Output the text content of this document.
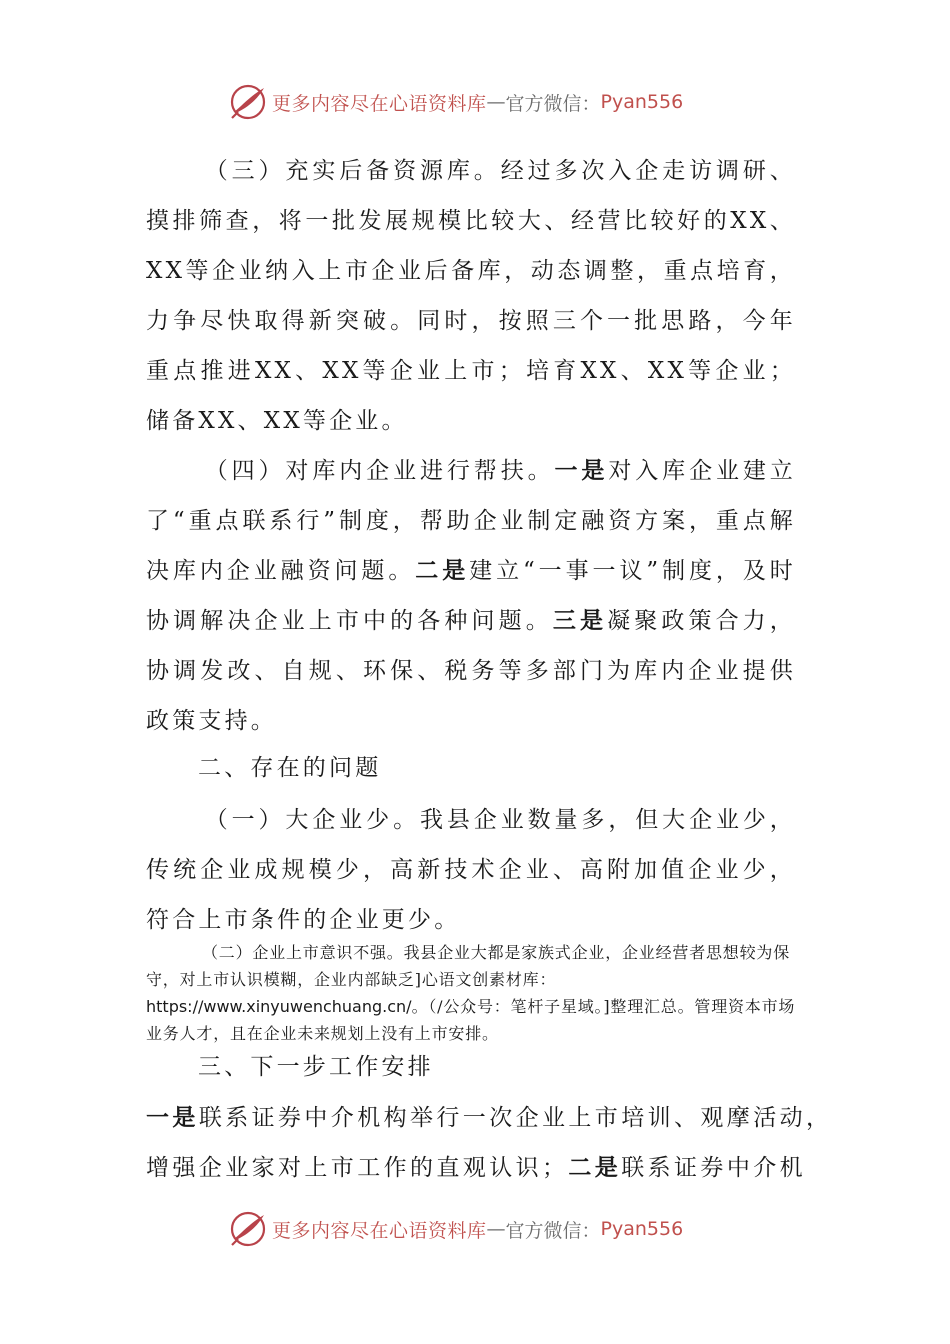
更多内容尽在心语资料库 — 官方微信： Pyan556

（三）充实后备资源库。经过多次入企走访调研、摸排筛查，将一批发展规模比较大、经营比较好的XX、XX等企业纳入上市企业后备库，动态调整，重点培育，力争尽快取得新突破。同时，按照三个一批思路，今年重点推进XX、XX等企业上市；培育XX、XX等企业；储备XX、XX等企业。

（四）对库内企业进行帮扶。一是对入库企业建立了“重点联系行”制度，帮助企业制定融资方案，重点解决库内企业融资问题。二是建立“一事一议”制度，及时协调解决企业上市中的各种问题。三是凝聚政策合力，协调发改、自规、环保、税务等多部门为库内企业提供政策支持。

二、存在的问题

（一）大企业少。我县企业数量多，但大企业少，传统企业成规模少，高新技术企业、高附加值企业少，符合上市条件的企业更少。

（二）企业上市意识不强。我县企业大都是家族式企业，企业经营者思想较为保守，对上市认识模糊，企业内部缺乏]心语文创素材库：https://www.xinyuwenchuang.cn/。（/公众号：笔杆子星域。]整理汇总。管理资本市场业务人才，且在企业未来规划上没有上市安排。

三、下一步工作安排

一是联系证券中介机构举行一次企业上市培训、观摩活动，增强企业家对上市工作的直观认识；二是联系证券中介机

更多内容尽在心语资料库 — 官方微信： Pyan556
